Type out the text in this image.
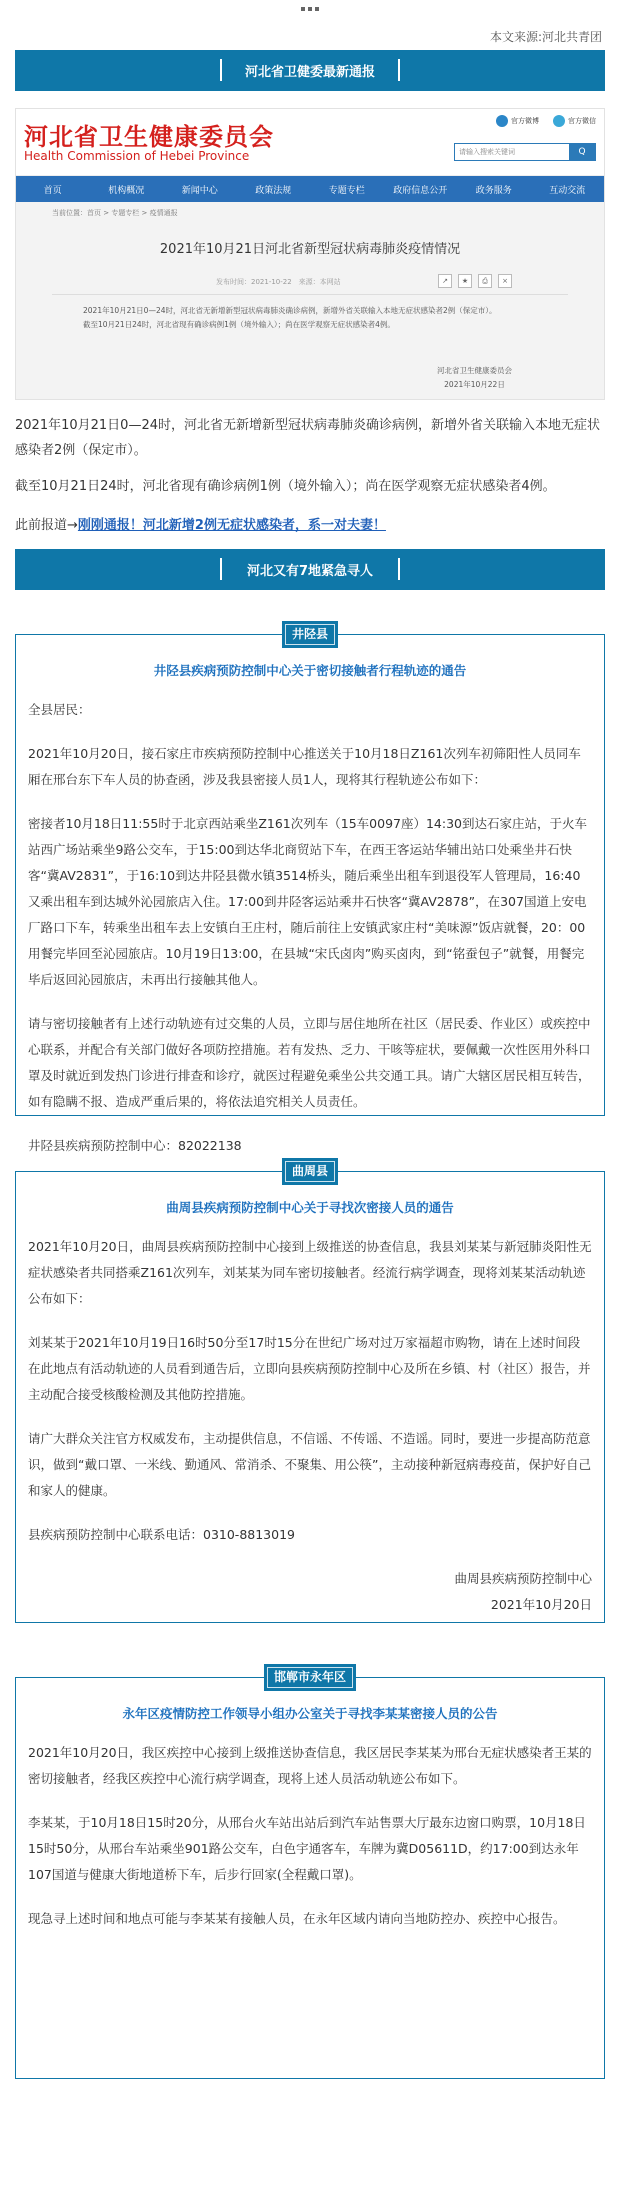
本文来源:河北共青团
河北省卫健委最新通报
河北省卫生健康委员会
Health Commission of Hebei Province
官方微博	官方微信
请输入搜索关键词	Q
首页	机构概况	新闻中心	政策法规	专题专栏	政府信息公开	政务服务	互动交流
当前位置：首页 > 专题专栏 > 疫情通报
2021年10月21日河北省新型冠状病毒肺炎疫情情况
发布时间：2021-10-22　来源：本网站	↗	★	⎙	×

2021年10月21日0—24时，河北省无新增新型冠状病毒肺炎确诊病例，新增外省关联输入本地无症状感染者2例（保定市）。

截至10月21日24时，河北省现有确诊病例1例（境外输入）；尚在医学观察无症状感染者4例。

河北省卫生健康委员会
2021年10月22日
2021年10月21日0—24时，河北省无新增新型冠状病毒肺炎确诊病例，新增外省关联输入本地无症状感染者2例（保定市）。
截至10月21日24时，河北省现有确诊病例1例（境外输入）；尚在医学观察无症状感染者4例。
此前报道→刚刚通报！河北新增2例无症状感染者，系一对夫妻！
河北又有7地紧急寻人
井陉县
井陉县疾病预防控制中心关于密切接触者行程轨迹的通告

全县居民：

2021年10月20日，接石家庄市疾病预防控制中心推送关于10月18日Z161次列车初筛阳性人员同车厢在邢台东下车人员的协查函，涉及我县密接人员1人，现将其行程轨迹公布如下：

密接者10月18日11:55时于北京西站乘坐Z161次列车（15车0097座）14:30到达石家庄站，于火车站西广场站乘坐9路公交车，于15:00到达华北商贸站下车，在西王客运站华辅出站口处乘坐井石快客“冀AV2831”，于16:10到达井陉县微水镇3514桥头，随后乘坐出租车到退役军人管理局，16:40又乘出租车到达城外沁园旅店入住。17:00到井陉客运站乘井石快客“冀AV2878”，在307国道上安电厂路口下车，转乘坐出租车去上安镇白王庄村，随后前往上安镇武家庄村“美味源”饭店就餐，20：00用餐完毕回至沁园旅店。10月19日13:00，在县城“宋氏卤肉”购买卤肉，到“铭蚕包子”就餐，用餐完毕后返回沁园旅店，未再出行接触其他人。

请与密切接触者有上述行动轨迹有过交集的人员，立即与居住地所在社区（居民委、作业区）或疾控中心联系，并配合有关部门做好各项防控措施。若有发热、乏力、干咳等症状，要佩戴一次性医用外科口罩及时就近到发热门诊进行排查和诊疗，就医过程避免乘坐公共交通工具。请广大辖区居民相互转告，如有隐瞒不报、造成严重后果的，将依法追究相关人员责任。

井陉县疾病预防控制中心：82022138

曲周县
曲周县疾病预防控制中心关于寻找次密接人员的通告

2021年10月20日，曲周县疾病预防控制中心接到上级推送的协查信息，我县刘某某与新冠肺炎阳性无症状感染者共同搭乘Z161次列车，刘某某为同车密切接触者。经流行病学调查，现将刘某某活动轨迹公布如下：

刘某某于2021年10月19日16时50分至17时15分在世纪广场对过万家福超市购物，请在上述时间段在此地点有活动轨迹的人员看到通告后，立即向县疾病预防控制中心及所在乡镇、村（社区）报告，并主动配合接受核酸检测及其他防控措施。

请广大群众关注官方权威发布，主动提供信息，不信谣、不传谣、不造谣。同时，要进一步提高防范意识，做到“戴口罩、一米线、勤通风、常消杀、不聚集、用公筷”，主动接种新冠病毒疫苗，保护好自己和家人的健康。

县疾病预防控制中心联系电话：0310-8813019

曲周县疾病预防控制中心

2021年10月20日

邯郸市永年区
永年区疫情防控工作领导小组办公室关于寻找李某某密接人员的公告

2021年10月20日，我区疾控中心接到上级推送协查信息，我区居民李某某为邢台无症状感染者王某的密切接触者，经我区疾控中心流行病学调查，现将上述人员活动轨迹公布如下。

李某某，于10月18日15时20分，从邢台火车站出站后到汽车站售票大厅最东边窗口购票，10月18日15时50分，从邢台车站乘坐901路公交车，白色宇通客车，车牌为冀D05611D，约17:00到达永年107国道与健康大街地道桥下车，后步行回家(全程戴口罩)。

现急寻上述时间和地点可能与李某某有接触人员，在永年区域内请向当地防控办、疾控中心报告。
